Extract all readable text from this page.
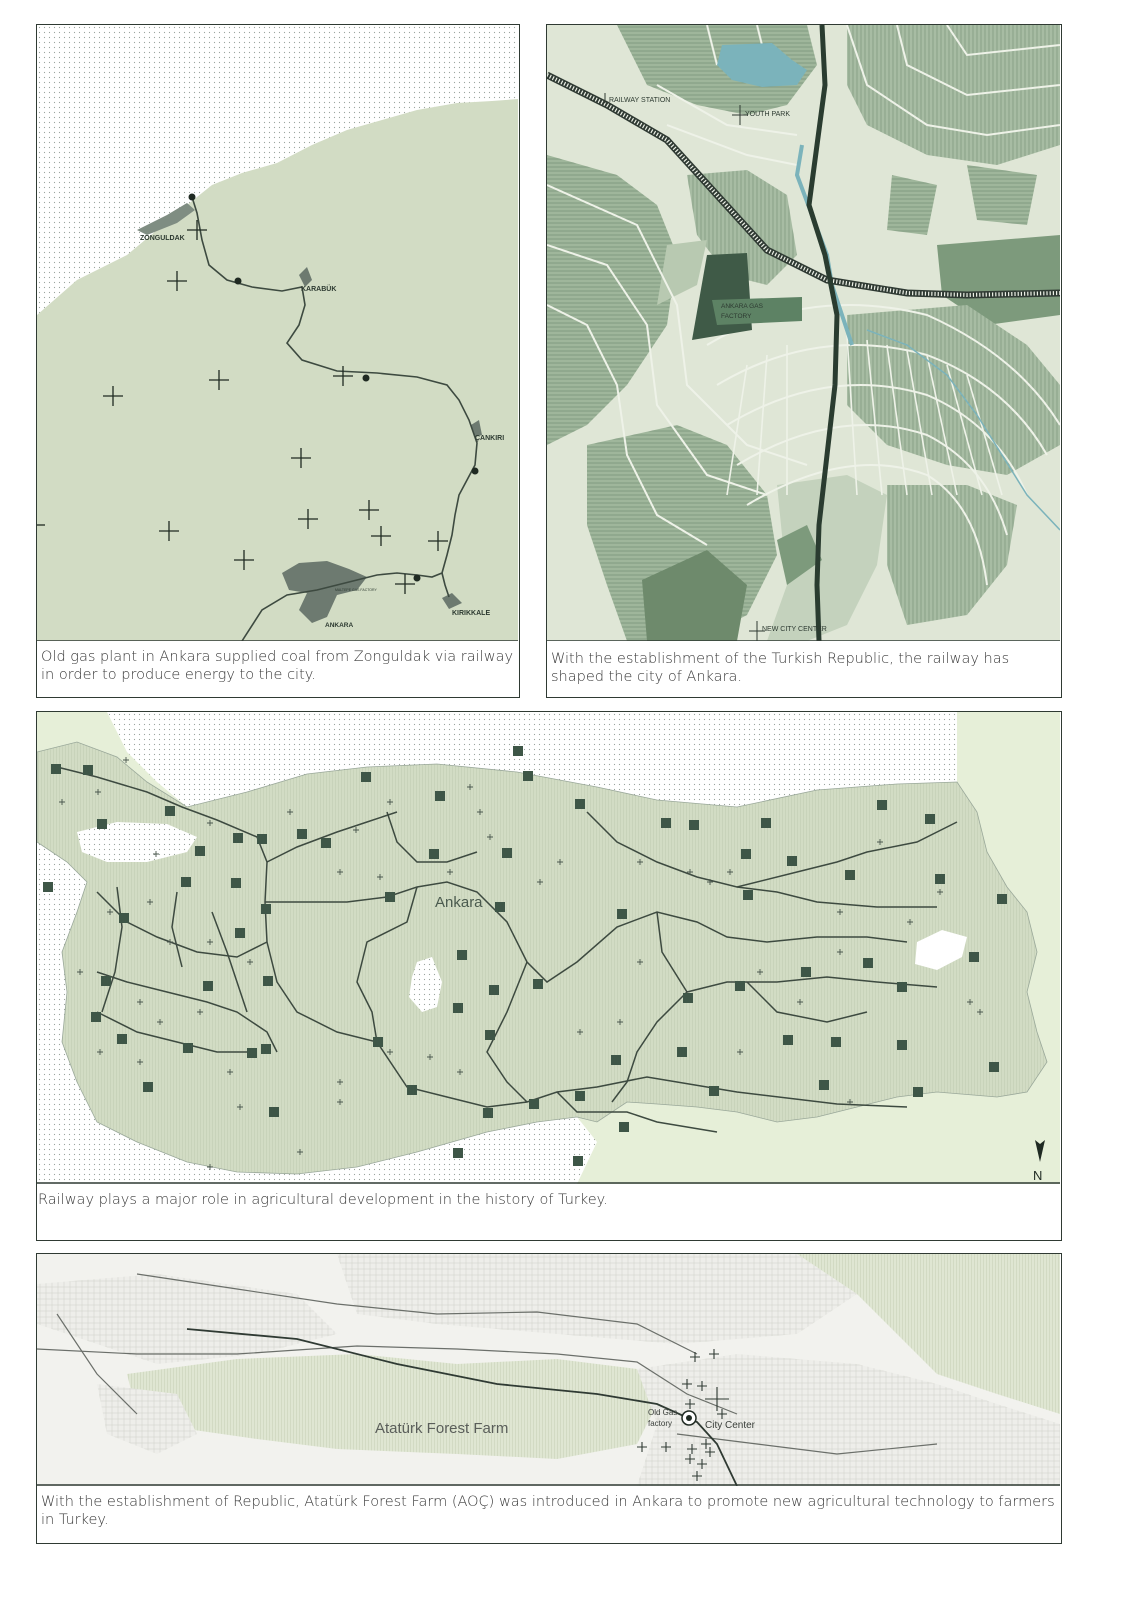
ZONGULDAK
KARABÜK
ÇANKIRI
KIRIKKALE
ANKARA
MALTEPE GAS FACTORY
Old gas plant in Ankara supplied coal from Zonguldak via railway in order to produce energy to the city.
RAILWAY STATION
YOUTH PARK
ANKARA GAS
FACTORY
NEW CITY CENTER
With the establishment of the Turkish Republic, the railway has shaped the city of Ankara.
Ankara
N
Railway plays a major role in agricultural development in the history of Turkey.
Atatürk Forest Farm
Old Gas
factory	City Center
With the establishment of Republic, Atatürk Forest Farm (AOÇ) was introduced in Ankara to promote new agricultural technology to farmers in Turkey.
